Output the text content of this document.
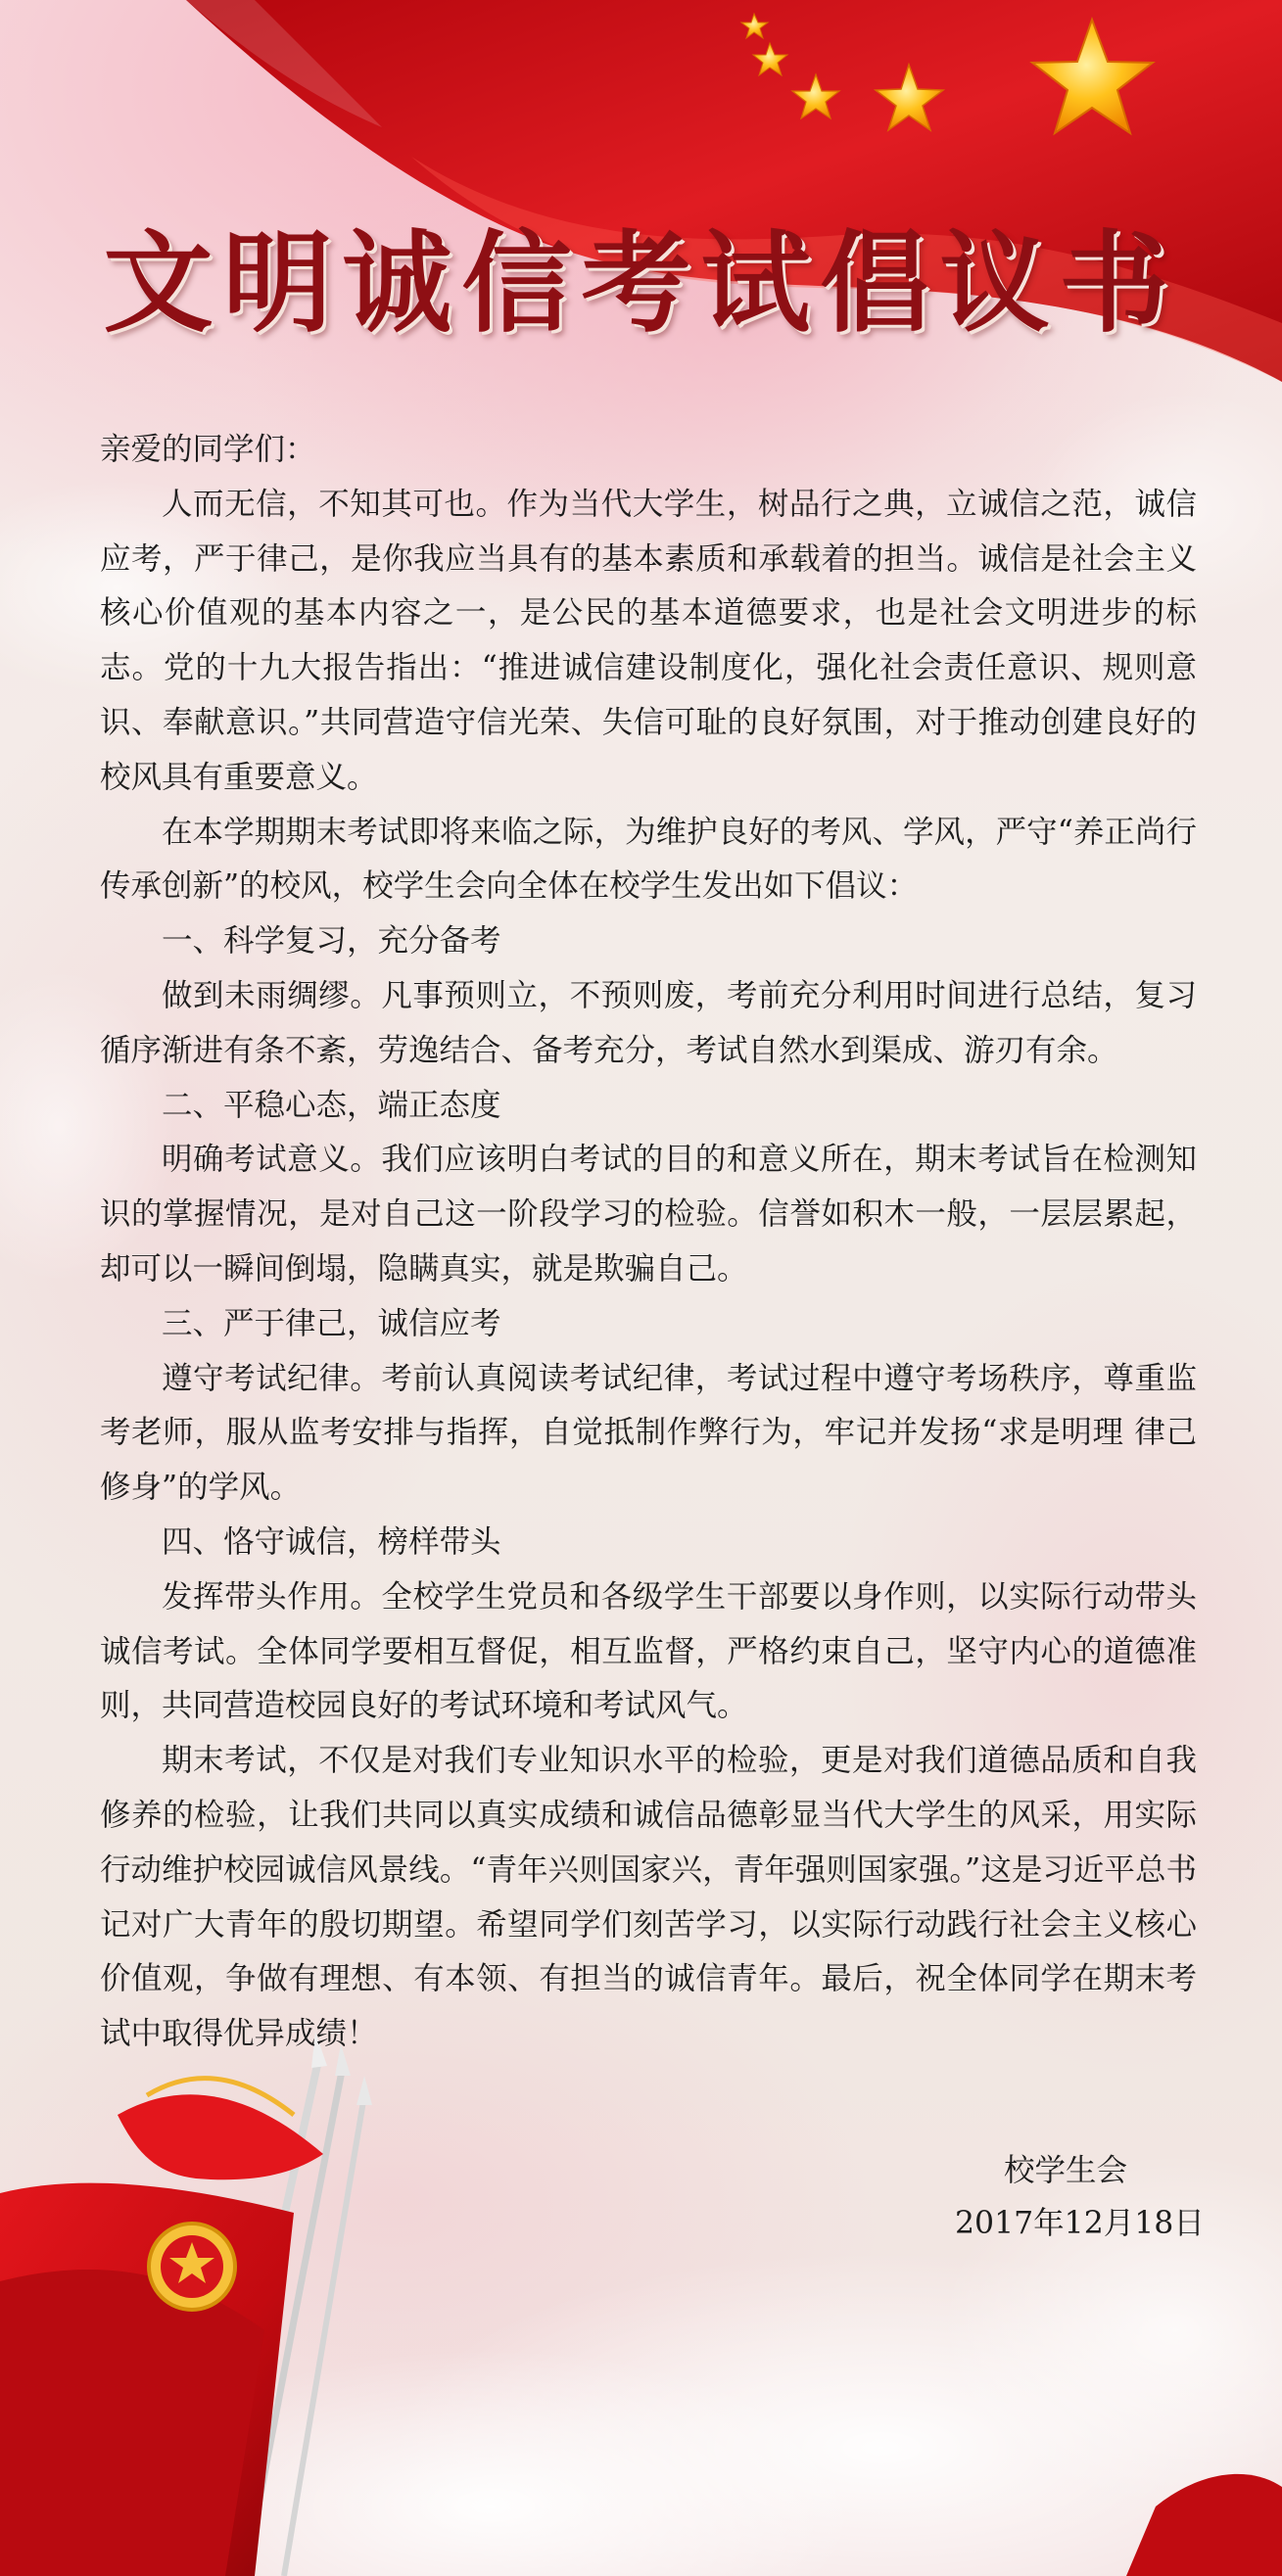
文明诚信考试倡议书

亲爱的同学们：

人而无信，不知其可也。作为当代大学生，树品行之典，立诚信之范，诚信应考，严于律己，是你我应当具有的基本素质和承载着的担当。诚信是社会主义核心价值观的基本内容之一，是公民的基本道德要求，也是社会文明进步的标志。党的十九大报告指出：“推进诚信建设制度化，强化社会责任意识、规则意识、奉献意识。”共同营造守信光荣、失信可耻的良好氛围，对于推动创建良好的校风具有重要意义。

在本学期期末考试即将来临之际，为维护良好的考风、学风，严守“养正尚行 传承创新”的校风，校学生会向全体在校学生发出如下倡议：

一、科学复习，充分备考

做到未雨绸缪。凡事预则立，不预则废，考前充分利用时间进行总结，复习循序渐进有条不紊，劳逸结合、备考充分，考试自然水到渠成、游刃有余。

二、平稳心态，端正态度

明确考试意义。我们应该明白考试的目的和意义所在，期末考试旨在检测知识的掌握情况，是对自己这一阶段学习的检验。信誉如积木一般，一层层累起，却可以一瞬间倒塌，隐瞒真实，就是欺骗自己。

三、严于律己，诚信应考

遵守考试纪律。考前认真阅读考试纪律，考试过程中遵守考场秩序，尊重监考老师，服从监考安排与指挥，自觉抵制作弊行为，牢记并发扬“求是明理 律己修身”的学风。

四、恪守诚信，榜样带头

发挥带头作用。全校学生党员和各级学生干部要以身作则，以实际行动带头诚信考试。全体同学要相互督促，相互监督，严格约束自己，坚守内心的道德准则，共同营造校园良好的考试环境和考试风气。

期末考试，不仅是对我们专业知识水平的检验，更是对我们道德品质和自我修养的检验，让我们共同以真实成绩和诚信品德彰显当代大学生的风采，用实际行动维护校园诚信风景线。“青年兴则国家兴，青年强则国家强。”这是习近平总书记对广大青年的殷切期望。希望同学们刻苦学习，以实际行动践行社会主义核心价值观，争做有理想、有本领、有担当的诚信青年。最后，祝全体同学在期末考试中取得优异成绩！

校学生会
2017年12月18日
